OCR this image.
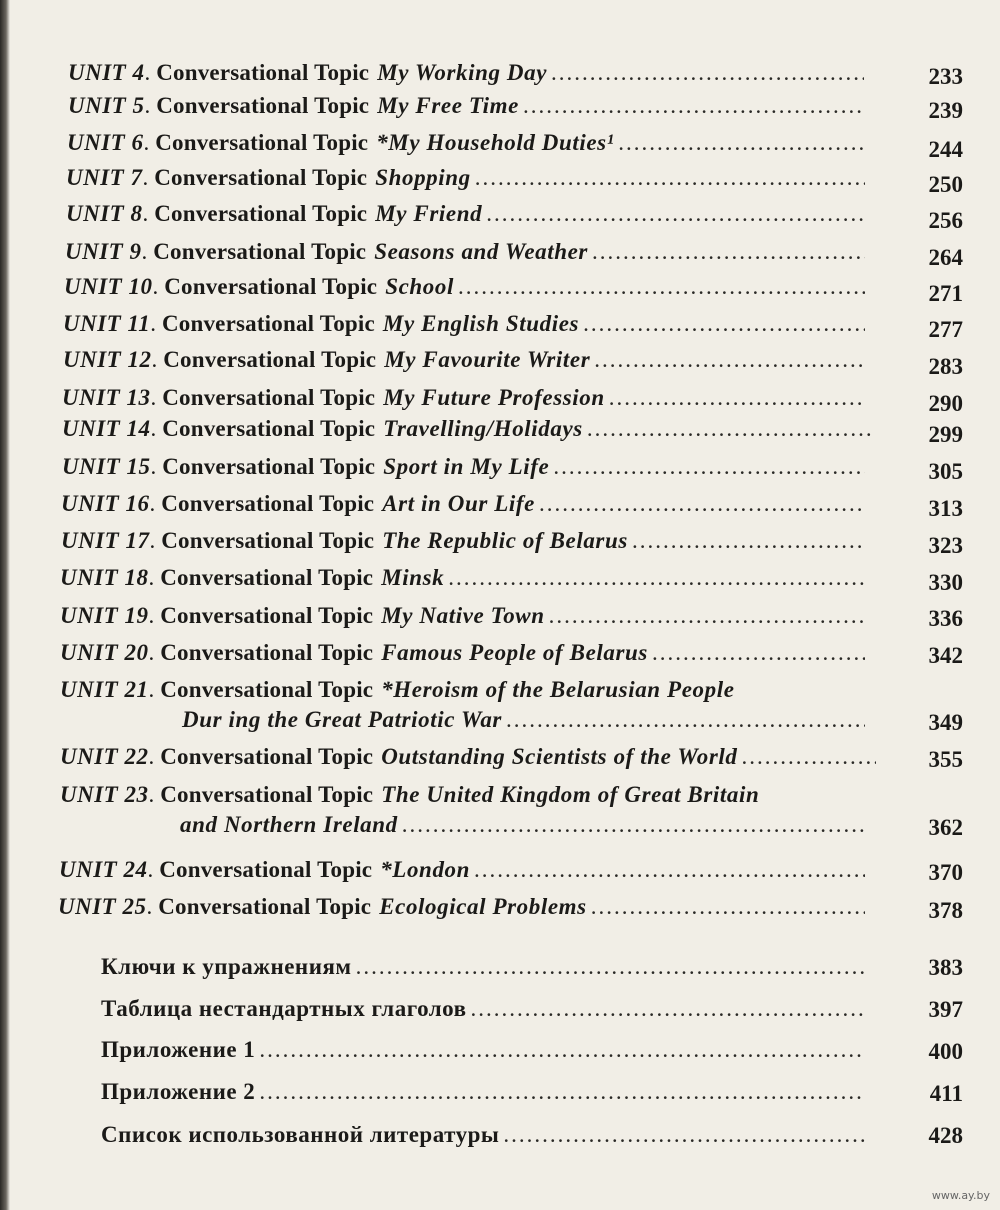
UNIT 4 . Conversational Topic My Working Day .....	233
UNIT 5 . Conversational Topic My Free Time .....	239
UNIT 6 . Conversational Topic *My Household Duties¹ .....	244
UNIT 7 . Conversational Topic Shopping .....	250
UNIT 8 . Conversational Topic My Friend .....	256
UNIT 9 . Conversational Topic Seasons and Weather .....	264
UNIT 10 . Conversational Topic School .....	271
UNIT 11 . Conversational Topic My English Studies .....	277
UNIT 12 . Conversational Topic My Favourite Writer .....	283
UNIT 13 . Conversational Topic My Future Profession .....	290
UNIT 14 . Conversational Topic Travelling/Holidays .....	299
UNIT 15 . Conversational Topic Sport in My Life .....	305
UNIT 16 . Conversational Topic Art in Our Life .....	313
UNIT 17 . Conversational Topic The Republic of Belarus .....	323
UNIT 18 . Conversational Topic Minsk .....	330
UNIT 19 . Conversational Topic My Native Town .....	336
UNIT 20 . Conversational Topic Famous People of Belarus .....	342
UNIT 21 . Conversational Topic *Heroism of the Belarusian People
Dur ing the Great Patriotic War .....	349
UNIT 22 . Conversational Topic Outstanding Scientists of the World .....	355
UNIT 23 . Conversational Topic The United Kingdom of Great Britain
and Northern Ireland .....	362
UNIT 24 . Conversational Topic *London .....	370
UNIT 25 . Conversational Topic Ecological Problems .....	378
Ключи к упражнениям .....	383
Таблица нестандартных глаголов .....	397
Приложение 1 .....	400
Приложение 2 .....	411
Список использованной литературы .....	428
www.ay.by
